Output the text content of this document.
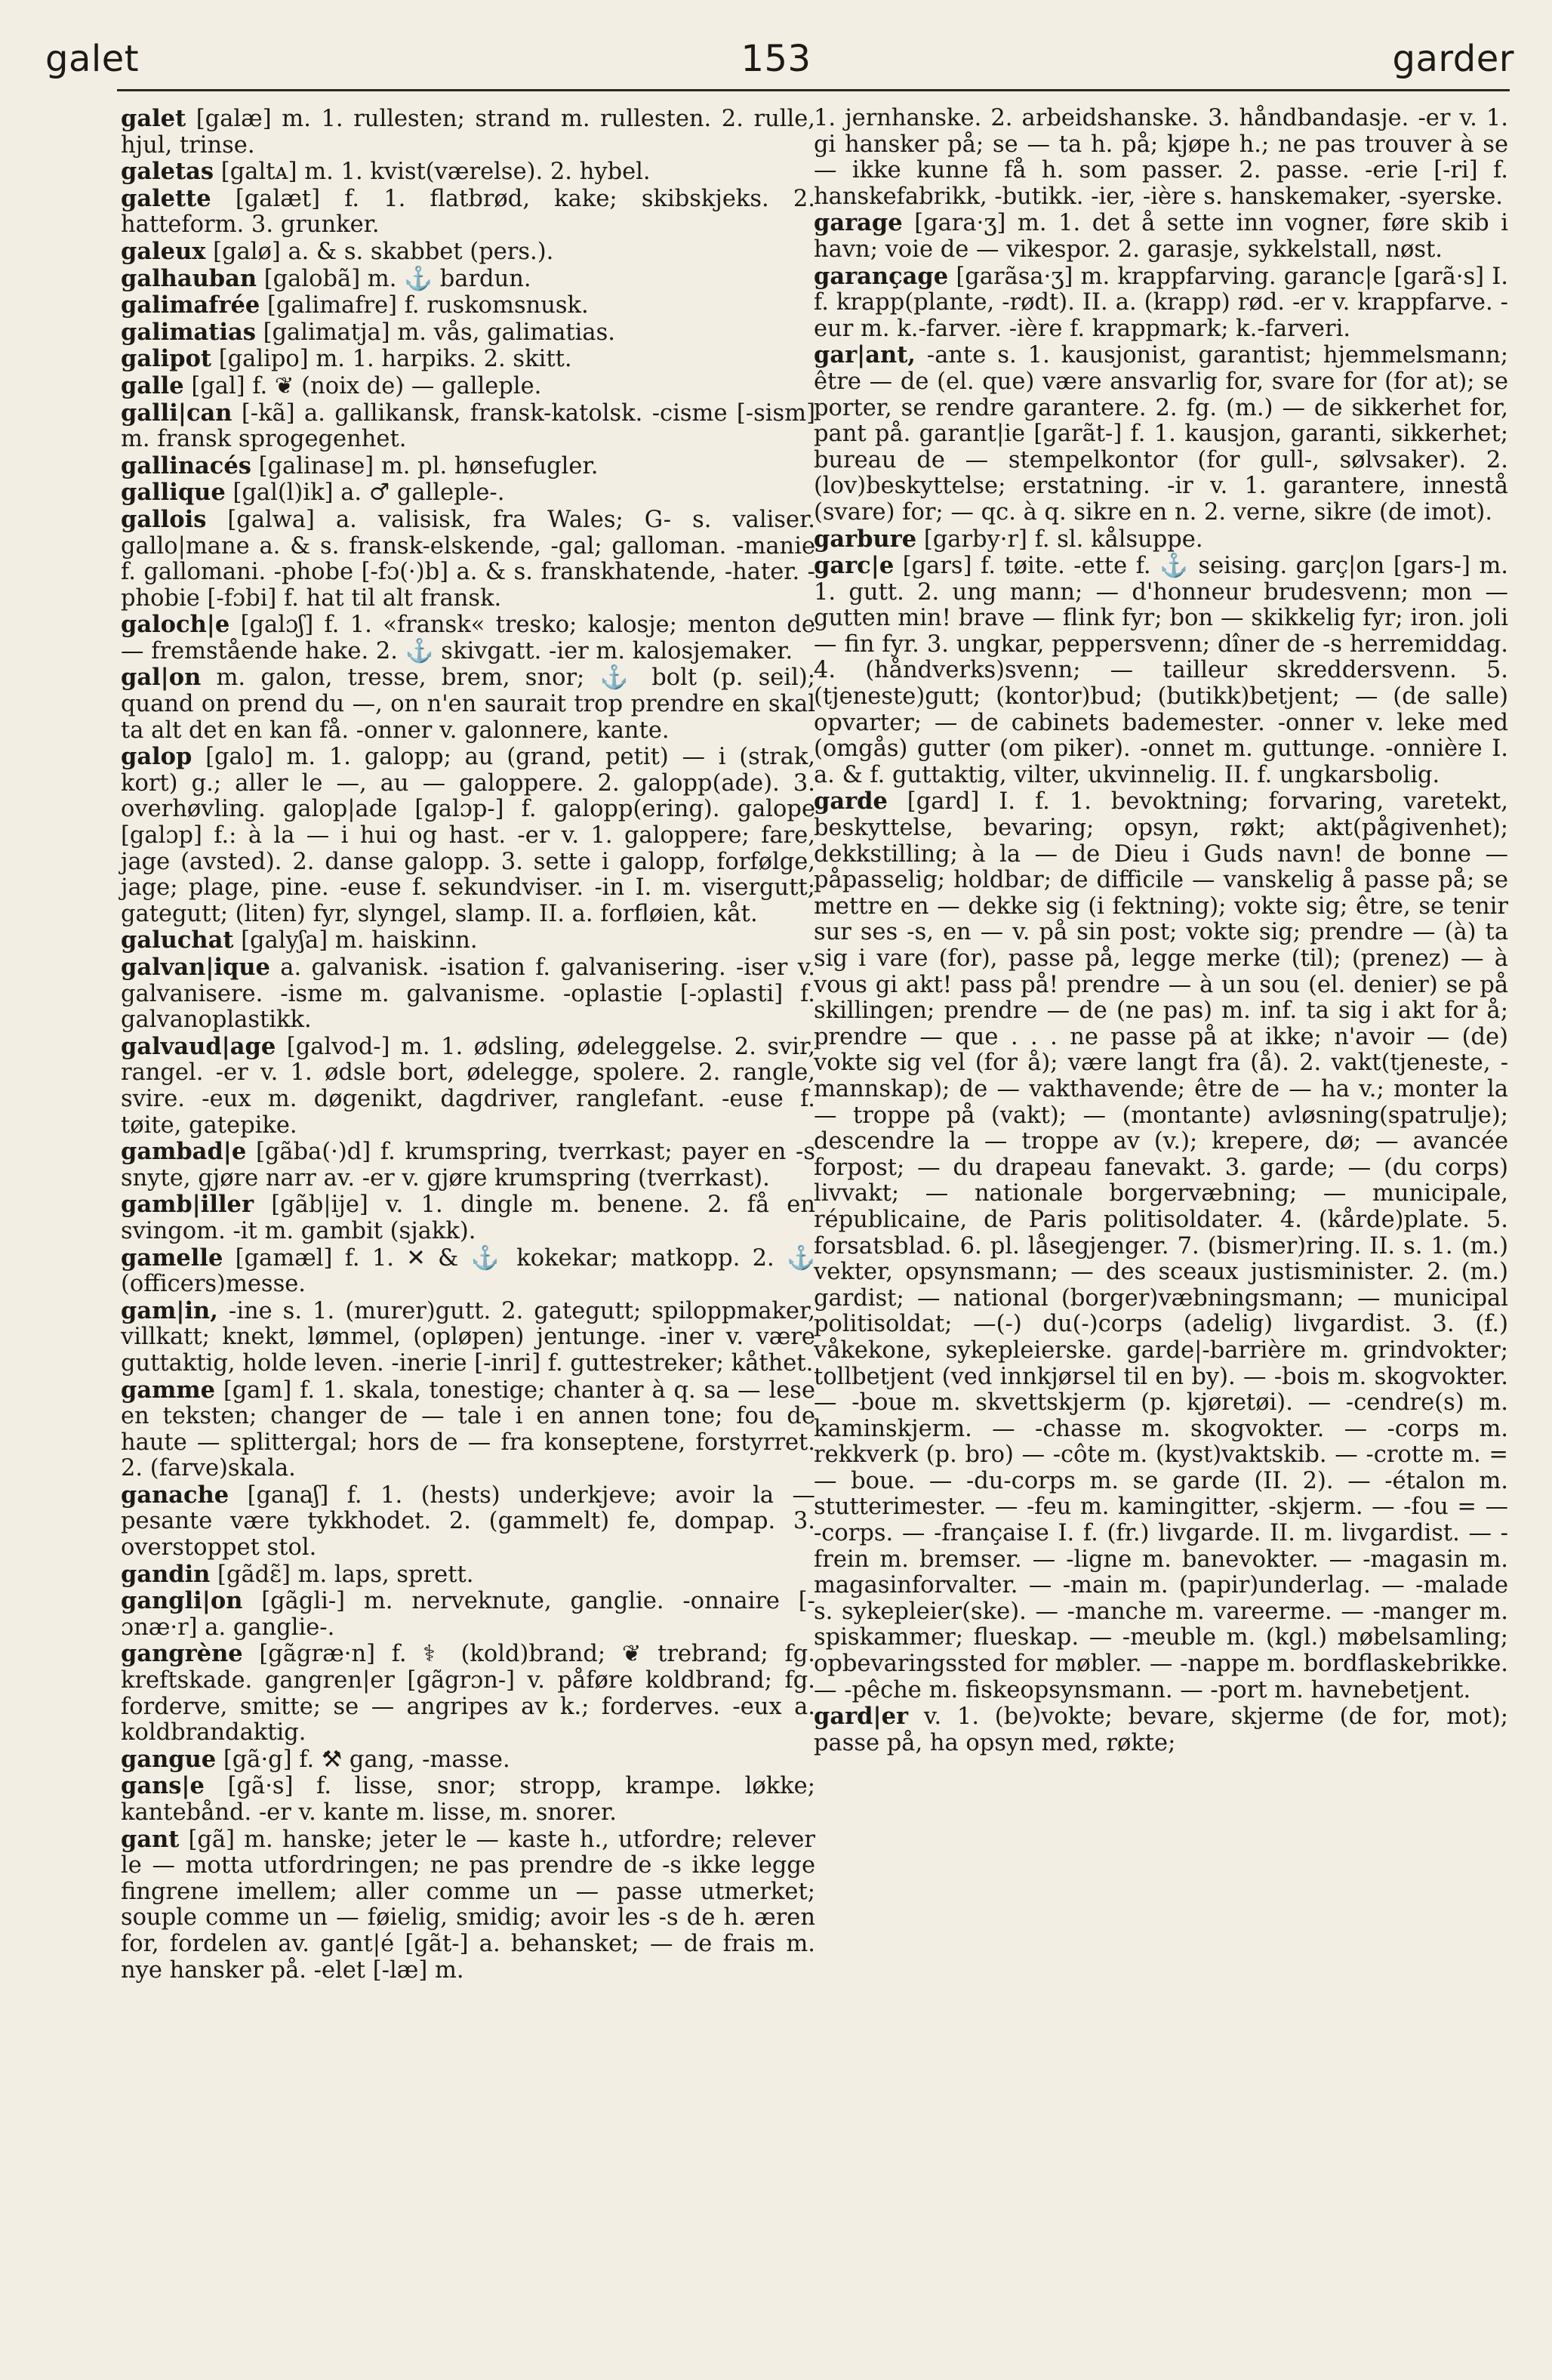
galet	153	garder

galet [galæ] m. 1. rullesten; strand m. rullesten. 2. rulle, hjul, trinse.

galetas [galtᴀ] m. 1. kvist(værelse). 2. hybel.

galette [galæt] f. 1. flatbrød, kake; skibskjeks. 2. hatteform. 3. grunker.

galeux [galø] a. & s. skabbet (pers.).

galhauban [galobã] m. ⚓ bardun.

galimafrée [galimafre] f. ruskomsnusk.

galimatias [galimatja] m. vås, galimatias.

galipot [galipo] m. 1. harpiks. 2. skitt.

galle [gal] f. ❦ (noix de) — galleple.

galli|can [-kã] a. gallikansk, fransk-katolsk. -cisme [-sism] m. fransk sprogegenhet.

gallinacés [galinase] m. pl. hønsefugler.

gallique [gal(l)ik] a. ♂ galleple-.

gallois [galwa] a. valisisk, fra Wales; G- s. valiser. gallo|mane a. & s. fransk-elskende, -gal; galloman. -manie f. gallomani. -phobe [-fɔ(·)b] a. & s. franskhatende, -hater. -phobie [-fɔbi] f. hat til alt fransk.

galoch|e [galɔʃ] f. 1. «fransk« tresko; kalosje; menton de — fremstående hake. 2. ⚓ skivgatt. -ier m. kalosjemaker.

gal|on m. galon, tresse, brem, snor; ⚓ bolt (p. seil); quand on prend du —, on n'en saurait trop prendre en skal ta alt det en kan få. -onner v. galonnere, kante.

galop [galo] m. 1. galopp; au (grand, petit) — i (strak, kort) g.; aller le —, au — galoppere. 2. galopp(ade). 3. overhøvling. galop|ade [galɔp-] f. galopp(ering). galope [galɔp] f.: à la — i hui og hast. -er v. 1. galoppere; fare, jage (avsted). 2. danse galopp. 3. sette i galopp, forfølge, jage; plage, pine. -euse f. sekundviser. -in I. m. visergutt; gategutt; (liten) fyr, slyngel, slamp. II. a. forfløien, kåt.

galuchat [galyʃa] m. haiskinn.

galvan|ique a. galvanisk. -isation f. galvanisering. -iser v. galvanisere. -isme m. galvanisme. -oplastie [-ɔplasti] f. galvanoplastikk.

galvaud|age [galvod-] m. 1. ødsling, ødeleggelse. 2. svir, rangel. -er v. 1. ødsle bort, ødelegge, spolere. 2. rangle, svire. -eux m. døgenikt, dagdriver, ranglefant. -euse f. tøite, gatepike.

gambad|e [gãba(·)d] f. krumspring, tverrkast; payer en -s snyte, gjøre narr av. -er v. gjøre krumspring (tverrkast).

gamb|iller [gãb|ije] v. 1. dingle m. benene. 2. få en svingom. -it m. gambit (sjakk).

gamelle [gamæl] f. 1. ✕ & ⚓ kokekar; matkopp. 2. ⚓ (officers)messe.

gam|in, -ine s. 1. (murer)gutt. 2. gategutt; spiloppmaker, villkatt; knekt, lømmel, (opløpen) jentunge. -iner v. være guttaktig, holde leven. -inerie [-inri] f. guttestreker; kåthet.

gamme [gam] f. 1. skala, tonestige; chanter à q. sa — lese en teksten; changer de — tale i en annen tone; fou de haute — splittergal; hors de — fra konseptene, forstyrret. 2. (farve)skala.

ganache [ganaʃ] f. 1. (hests) underkjeve; avoir la — pesante være tykkhodet. 2. (gammelt) fe, dompap. 3. overstoppet stol.

gandin [gãdɛ̃] m. laps, sprett.

gangli|on [gãgli-] m. nerveknute, ganglie. -onnaire [-ɔnæ·r] a. ganglie-.

gangrène [gãgræ·n] f. ⚕ (kold)brand; ❦ trebrand; fg. kreftskade. gangren|er [gãgrɔn-] v. påføre koldbrand; fg. forderve, smitte; se — angripes av k.; forderves. -eux a. koldbrandaktig.

gangue [gã·g] f. ⚒ gang, -masse.

gans|e [gã·s] f. lisse, snor; stropp, krampe. løkke; kantebånd. -er v. kante m. lisse, m. snorer.

gant [gã] m. hanske; jeter le — kaste h., utfordre; relever le — motta utfordringen; ne pas prendre de -s ikke legge fingrene imellem; aller comme un — passe utmerket; souple comme un — føielig, smidig; avoir les -s de h. æren for, fordelen av. gant|é [gãt-] a. behansket; — de frais m. nye hansker på. -elet [-læ] m.

1. jernhanske. 2. arbeidshanske. 3. håndbandasje. -er v. 1. gi hansker på; se — ta h. på; kjøpe h.; ne pas trouver à se — ikke kunne få h. som passer. 2. passe. -erie [-ri] f. hanskefabrikk, -butikk. -ier, -ière s. hanskemaker, -syerske.

garage [gara·ʒ] m. 1. det å sette inn vogner, føre skib i havn; voie de — vikespor. 2. garasje, sykkelstall, nøst.

garançage [garãsa·ʒ] m. krappfarving. garanc|e [garã·s] I. f. krapp(plante, -rødt). II. a. (krapp) rød. -er v. krappfarve. -eur m. k.-farver. -ière f. krappmark; k.-farveri.

gar|ant, -ante s. 1. kausjonist, garantist; hjemmelsmann; être — de (el. que) være ansvarlig for, svare for (for at); se porter, se rendre garantere. 2. fg. (m.) — de sikkerhet for, pant på. garant|ie [garãt-] f. 1. kausjon, garanti, sikkerhet; bureau de — stempelkontor (for gull-, sølvsaker). 2. (lov)beskyttelse; erstatning. -ir v. 1. garantere, innestå (svare) for; — qc. à q. sikre en n. 2. verne, sikre (de imot).

garbure [garby·r] f. sl. kålsuppe.

garc|e [gars] f. tøite. -ette f. ⚓ seising. garç|on [gars-] m. 1. gutt. 2. ung mann; — d'honneur brudesvenn; mon — gutten min! brave — flink fyr; bon — skikkelig fyr; iron. joli — fin fyr. 3. ungkar, peppersvenn; dîner de -s herremiddag. 4. (håndverks)svenn; — tailleur skreddersvenn. 5. (tjeneste)gutt; (kontor)bud; (butikk)betjent; — (de salle) opvarter; — de cabinets bademester. -onner v. leke med (omgås) gutter (om piker). -onnet m. guttunge. -onnière I. a. & f. guttaktig, vilter, ukvinnelig. II. f. ungkarsbolig.

garde [gard] I. f. 1. bevoktning; forvaring, varetekt, beskyttelse, bevaring; opsyn, røkt; akt(pågivenhet); dekkstilling; à la — de Dieu i Guds navn! de bonne — påpasselig; holdbar; de difficile — vanskelig å passe på; se mettre en — dekke sig (i fektning); vokte sig; être, se tenir sur ses -s, en — v. på sin post; vokte sig; prendre — (à) ta sig i vare (for), passe på, legge merke (til); (prenez) — à vous gi akt! pass på! prendre — à un sou (el. denier) se på skillingen; prendre — de (ne pas) m. inf. ta sig i akt for å; prendre — que . . . ne passe på at ikke; n'avoir — (de) vokte sig vel (for å); være langt fra (å). 2. vakt(tjeneste, -mannskap); de — vakthavende; être de — ha v.; monter la — troppe på (vakt); — (montante) avløsning(spatrulje); descendre la — troppe av (v.); krepere, dø; — avancée forpost; — du drapeau fanevakt. 3. garde; — (du corps) livvakt; — nationale borgervæbning; — municipale, républicaine, de Paris politisoldater. 4. (kårde)plate. 5. forsatsblad. 6. pl. låsegjenger. 7. (bismer)ring. II. s. 1. (m.) vekter, opsynsmann; — des sceaux justisminister. 2. (m.) gardist; — national (borger)væbningsmann; — municipal politisoldat; —(-) du(-)corps (adelig) livgardist. 3. (f.) våkekone, sykepleierske. garde|-barrière m. grindvokter; tollbetjent (ved innkjørsel til en by). — -bois m. skogvokter. — -boue m. skvettskjerm (p. kjøretøi). — -cendre(s) m. kaminskjerm. — -chasse m. skogvokter. — -corps m. rekkverk (p. bro) — -côte m. (kyst)vaktskib. — -crotte m. = — boue. — -du-corps m. se garde (II. 2). — -étalon m. stutterimester. — -feu m. kamingitter, -skjerm. — -fou = — -corps. — -française I. f. (fr.) livgarde. II. m. livgardist. — -frein m. bremser. — -ligne m. banevokter. — -magasin m. magasinforvalter. — -main m. (papir)underlag. — -malade s. sykepleier(ske). — -manche m. vareerme. — -manger m. spiskammer; flueskap. — -meuble m. (kgl.) møbelsamling; opbevaringssted for møbler. — -nappe m. bordflaskebrikke. — -pêche m. fiskeopsynsmann. — -port m. havnebetjent.

gard|er v. 1. (be)vokte; bevare, skjerme (de for, mot); passe på, ha opsyn med, røkte;
